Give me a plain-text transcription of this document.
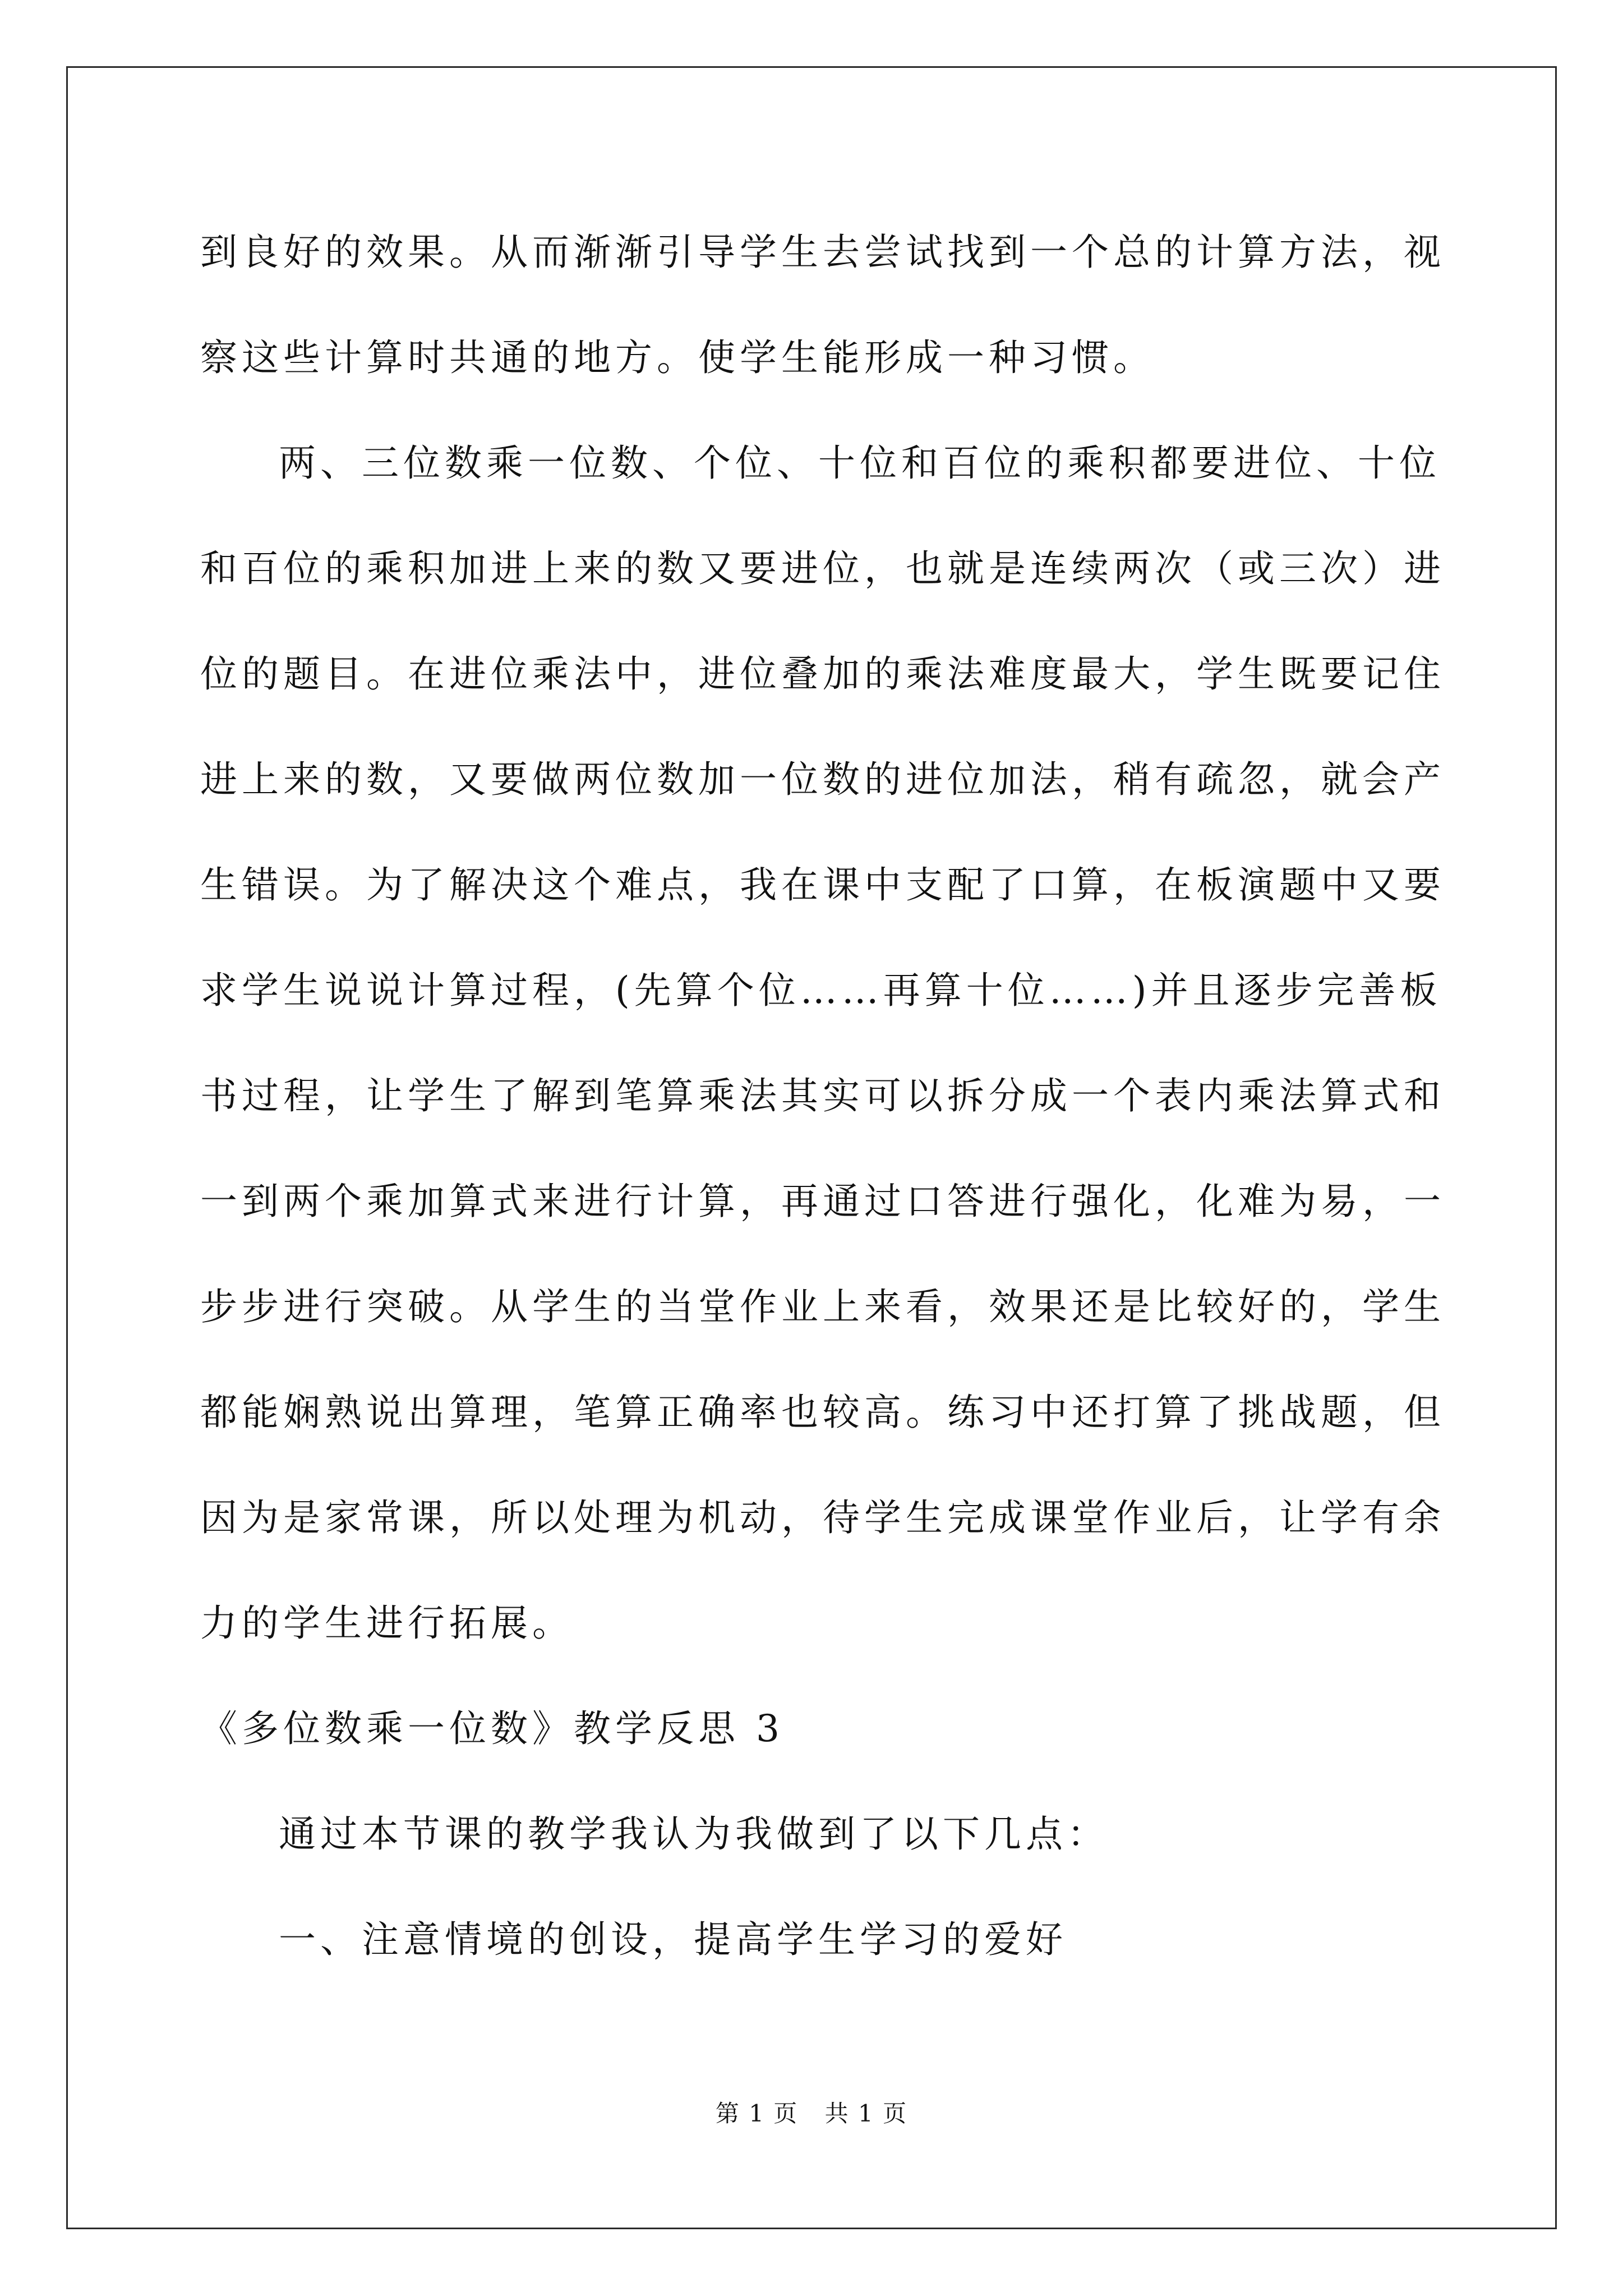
到良好的效果。从而渐渐引导学生去尝试找到一个总的计算方法，视
察这些计算时共通的地方。使学生能形成一种习惯。
两、三位数乘一位数、个位、十位和百位的乘积都要进位、十位
和百位的乘积加进上来的数又要进位，也就是连续两次（或三次）进
位的题目。在进位乘法中，进位叠加的乘法难度最大，学生既要记住
进上来的数，又要做两位数加一位数的进位加法，稍有疏忽，就会产
生错误。为了解决这个难点，我在课中支配了口算，在板演题中又要
求学生说说计算过程，(先算个位……再算十位……)并且逐步完善板
书过程，让学生了解到笔算乘法其实可以拆分成一个表内乘法算式和
一到两个乘加算式来进行计算，再通过口答进行强化，化难为易，一
步步进行突破。从学生的当堂作业上来看，效果还是比较好的，学生
都能娴熟说出算理，笔算正确率也较高。练习中还打算了挑战题，但
因为是家常课，所以处理为机动，待学生完成课堂作业后，让学有余
力的学生进行拓展。
《多位数乘一位数》教学反思 3
通过本节课的教学我认为我做到了以下几点：
一、注意情境的创设，提高学生学习的爱好
第 1 页 共 1 页
